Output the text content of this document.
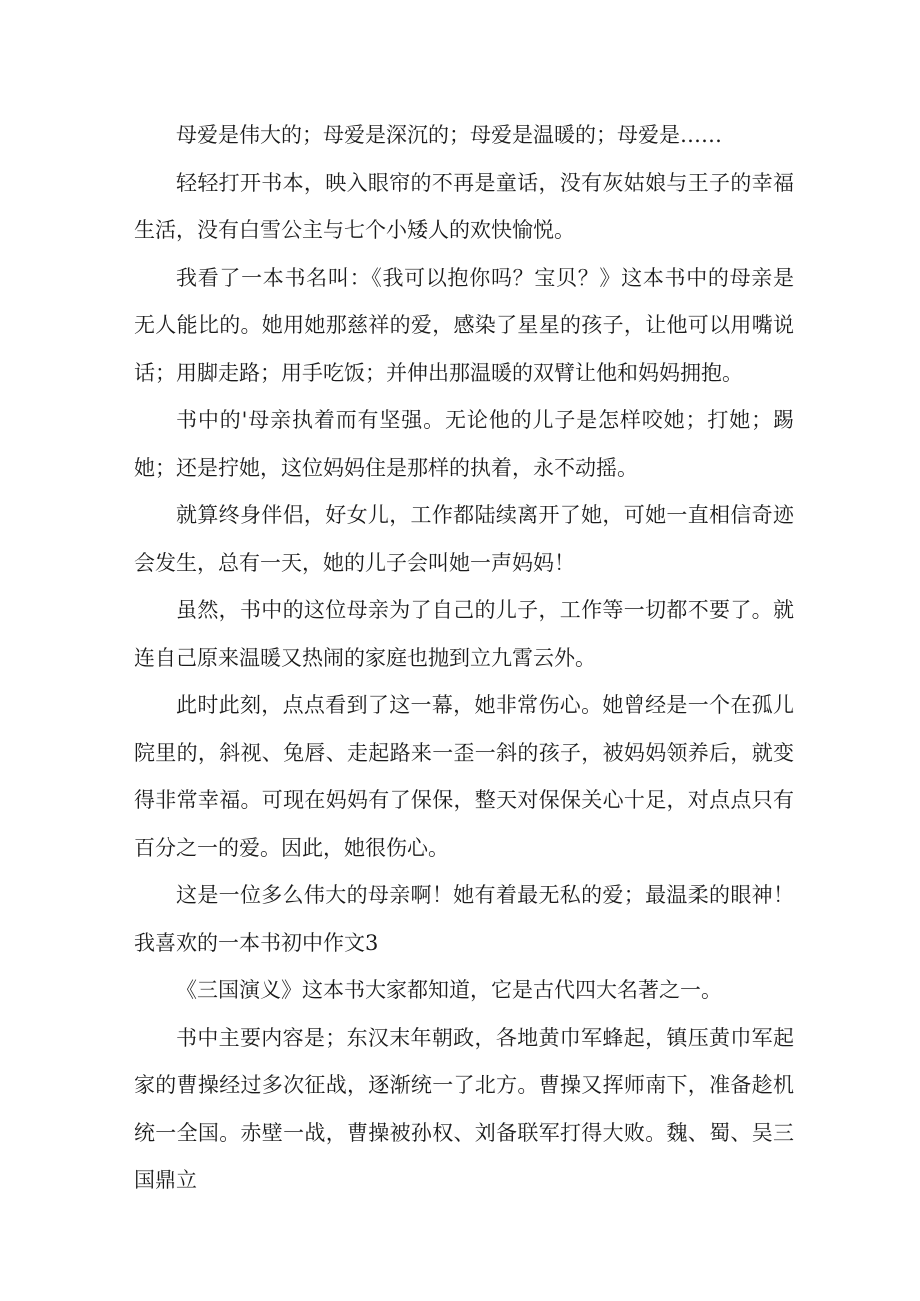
母爱是伟大的；母爱是深沉的；母爱是温暖的；母爱是……

轻轻打开书本，映入眼帘的不再是童话，没有灰姑娘与王子的幸福生活，没有白雪公主与七个小矮人的欢快愉悦。

我看了一本书名叫：《我可以抱你吗？宝贝？》这本书中的母亲是无人能比的。她用她那慈祥的爱，感染了星星的孩子，让他可以用嘴说话；用脚走路；用手吃饭；并伸出那温暖的双臂让他和妈妈拥抱。

书中的'母亲执着而有坚强。无论他的儿子是怎样咬她；打她；踢她；还是拧她，这位妈妈住是那样的执着，永不动摇。

就算终身伴侣，好女儿，工作都陆续离开了她，可她一直相信奇迹会发生，总有一天，她的儿子会叫她一声妈妈！

虽然，书中的这位母亲为了自己的儿子，工作等一切都不要了。就连自己原来温暖又热闹的家庭也抛到立九霄云外。

此时此刻，点点看到了这一幕，她非常伤心。她曾经是一个在孤儿院里的，斜视、兔唇、走起路来一歪一斜的孩子，被妈妈领养后，就变得非常幸福。可现在妈妈有了保保，整天对保保关心十足，对点点只有百分之一的爱。因此，她很伤心。

这是一位多么伟大的母亲啊！她有着最无私的爱；最温柔的眼神！我喜欢的一本书初中作文3

《三国演义》这本书大家都知道，它是古代四大名著之一。

书中主要内容是；东汉末年朝政，各地黄巾军蜂起，镇压黄巾军起家的曹操经过多次征战，逐渐统一了北方。曹操又挥师南下，准备趁机统一全国。赤壁一战，曹操被孙权、刘备联军打得大败。魏、蜀、吴三国鼎立
